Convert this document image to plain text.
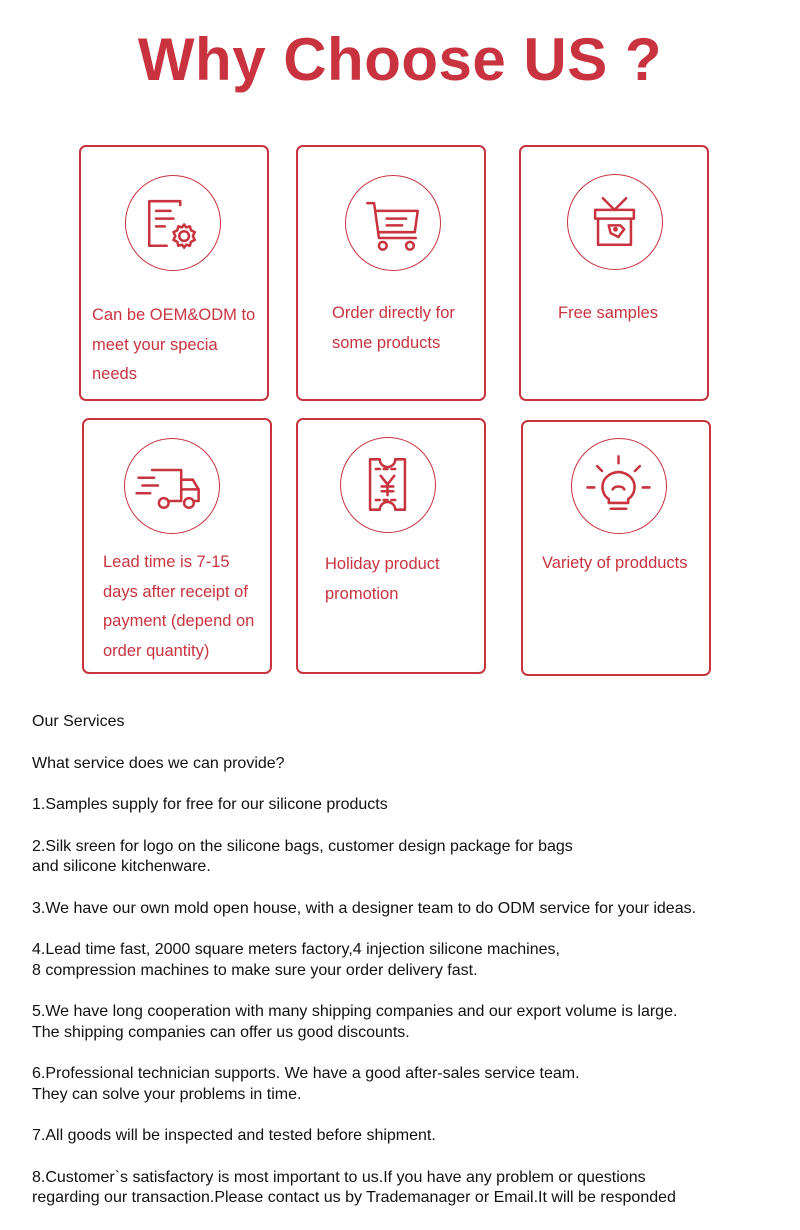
Why Choose US ?
Can be OEM&ODM to
meet your specia
needs
Order directly for
some products
Free samples
Lead time is 7-15
days after receipt of
payment (depend on
order quantity)
Holiday product
promotion
Variety of prodducts

Our Services

What service does we can provide?

1.Samples supply for free for our silicone products

2.Silk sreen for logo on the silicone bags, customer design package for bags
and silicone kitchenware.

3.We have our own mold open house, with a designer team to do ODM service for your ideas.

4.Lead time fast, 2000 square meters factory,4 injection silicone machines,
8 compression machines to make sure your order delivery fast.

5.We have long cooperation with many shipping companies and our export volume is large.
The shipping companies can offer us good discounts.

6.Professional technician supports. We have a good after-sales service team.
They can solve your problems in time.

7.All goods will be inspected and tested before shipment.

8.Customer`s satisfactory is most important to us.If you have any problem or questions
regarding our transaction.Please contact us by Trademanager or Email.It will be responded
